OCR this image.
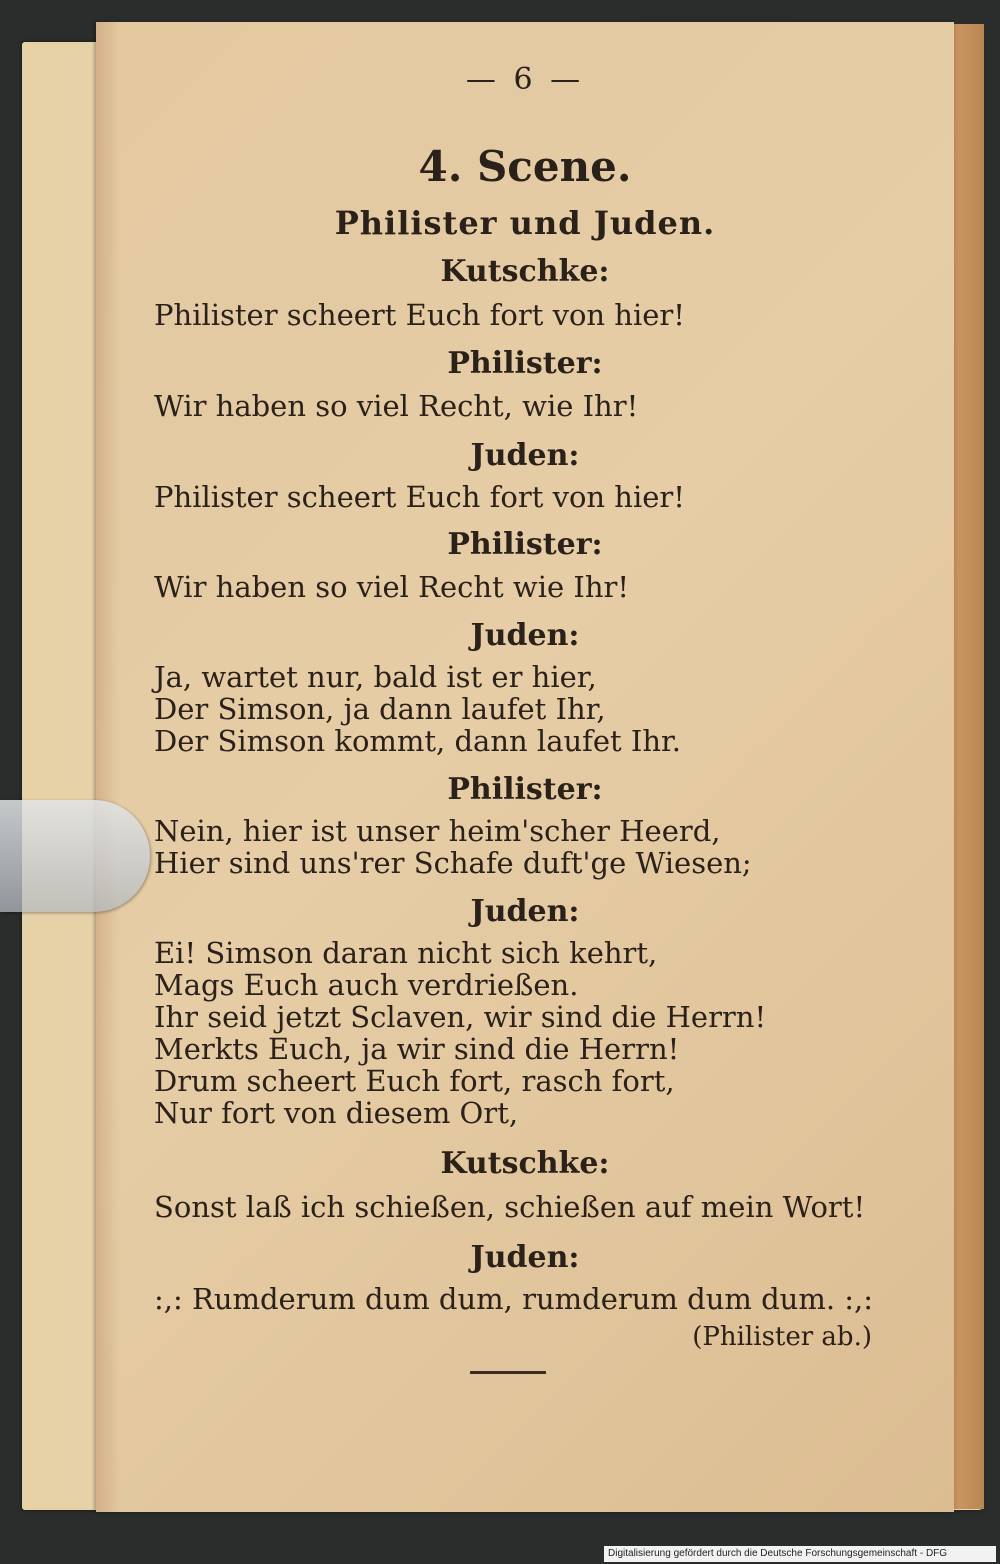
— 6 —
4. Scene.
Philister und Juden.
Kutschke:
Philister scheert Euch fort von hier!
Philister:
Wir haben so viel Recht, wie Ihr!
Juden:
Philister scheert Euch fort von hier!
Philister:
Wir haben so viel Recht wie Ihr!
Juden:
Ja, wartet nur, bald ist er hier,
Der Simson, ja dann laufet Ihr,
Der Simson kommt, dann laufet Ihr.
Philister:
Nein, hier ist unser heim'scher Heerd,
Hier sind uns'rer Schafe duft'ge Wiesen;
Juden:
Ei! Simson daran nicht sich kehrt,
Mags Euch auch verdrießen.
Ihr seid jetzt Sclaven, wir sind die Herrn!
Merkts Euch, ja wir sind die Herrn!
Drum scheert Euch fort, rasch fort,
Nur fort von diesem Ort,
Kutschke:
Sonst laß ich schießen, schießen auf mein Wort!
Juden:
:,: Rumderum dum dum, rumderum dum dum. :,:
(Philister ab.)
Digitalisierung gefördert durch die Deutsche Forschungsgemeinschaft - DFG
